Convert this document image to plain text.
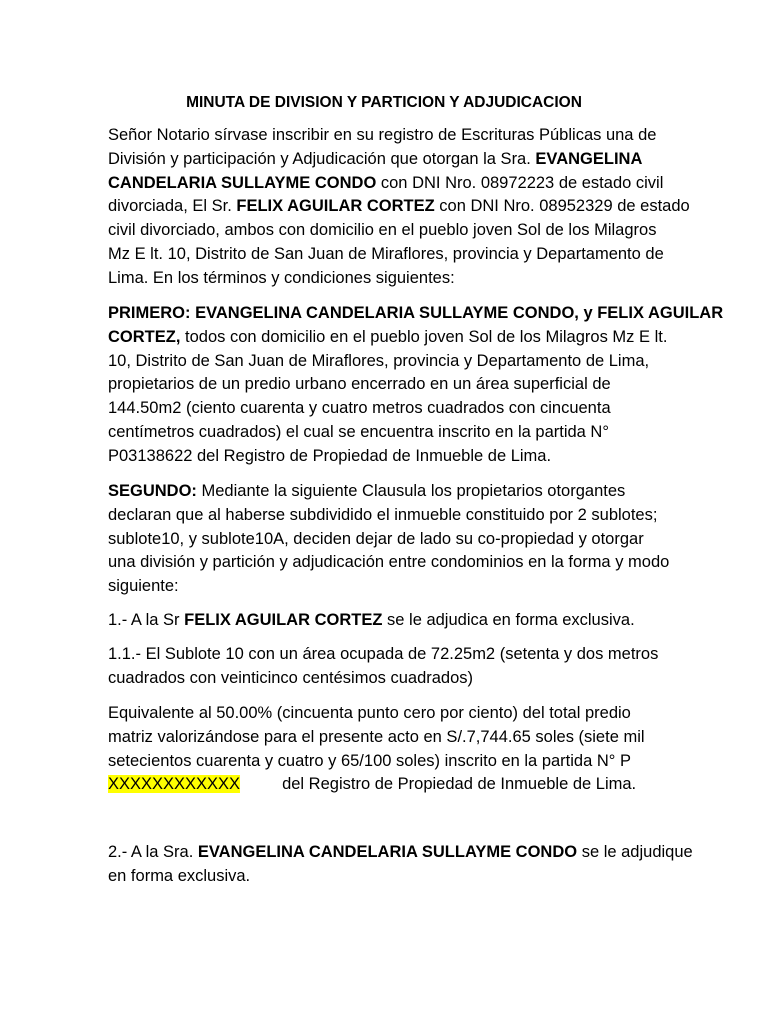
MINUTA DE DIVISION Y PARTICION Y ADJUDICACION
Señor Notario sírvase inscribir en su registro de Escrituras Públicas una de
División y participación y Adjudicación que otorgan la Sra. EVANGELINA
CANDELARIA SULLAYME CONDO con DNI Nro. 08972223 de estado civil
divorciada, El Sr. FELIX AGUILAR CORTEZ con DNI Nro. 08952329 de estado
civil divorciado, ambos con domicilio en el pueblo joven Sol de los Milagros
Mz E lt. 10, Distrito de San Juan de Miraflores, provincia y Departamento de
Lima. En los términos y condiciones siguientes:
PRIMERO: EVANGELINA CANDELARIA SULLAYME CONDO, y FELIX AGUILAR
CORTEZ, todos con domicilio en el pueblo joven Sol de los Milagros Mz E lt.
10, Distrito de San Juan de Miraflores, provincia y Departamento de Lima,
propietarios de un predio urbano encerrado en un área superficial de
144.50m2 (ciento cuarenta y cuatro metros cuadrados con cincuenta
centímetros cuadrados) el cual se encuentra inscrito en la partida N°
P03138622 del Registro de Propiedad de Inmueble de Lima.
SEGUNDO: Mediante la siguiente Clausula los propietarios otorgantes
declaran que al haberse subdividido el inmueble constituido por 2 sublotes;
sublote10, y sublote10A, deciden dejar de lado su co-propiedad y otorgar
una división y partición y adjudicación entre condominios en la forma y modo
siguiente:
1.- A la Sr FELIX AGUILAR CORTEZ se le adjudica en forma exclusiva.
1.1.- El Sublote 10 con un área ocupada de 72.25m2 (setenta y dos metros
cuadrados con veinticinco centésimos cuadrados)
Equivalente al 50.00% (cincuenta punto cero por ciento) del total predio
matriz valorizándose para el presente acto en S/.7,744.65 soles (siete mil
setecientos cuarenta y cuatro y 65/100 soles) inscrito en la partida N° P
XXXXXXXXXXXX	del Registro de Propiedad de Inmueble de Lima.
2.- A la Sra. EVANGELINA CANDELARIA SULLAYME CONDO se le adjudique
en forma exclusiva.
